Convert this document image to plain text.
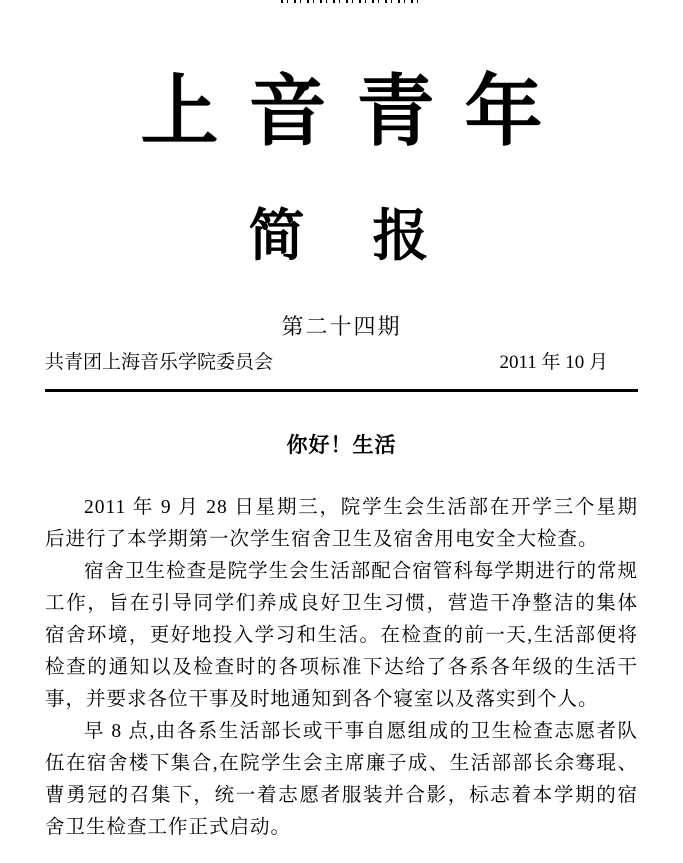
上音青年
简　报
第二十四期
共青团上海音乐学院委员会	2011 年 10 月
你好！生活

2011 年 9 月 28 日星期三，院学生会生活部在开学三个星期后进行了本学期第一次学生宿舍卫生及宿舍用电安全大检查。

宿舍卫生检查是院学生会生活部配合宿管科每学期进行的常规工作，旨在引导同学们养成良好卫生习惯，营造干净整洁的集体宿舍环境，更好地投入学习和生活。在检查的前一天,生活部便将检查的通知以及检查时的各项标准下达给了各系各年级的生活干事，并要求各位干事及时地通知到各个寝室以及落实到个人。

早 8 点,由各系生活部长或干事自愿组成的卫生检查志愿者队伍在宿舍楼下集合,在院学生会主席廉子成、生活部部长余骞琨、曹勇冠的召集下，统一着志愿者服装并合影，标志着本学期的宿舍卫生检查工作正式启动。
